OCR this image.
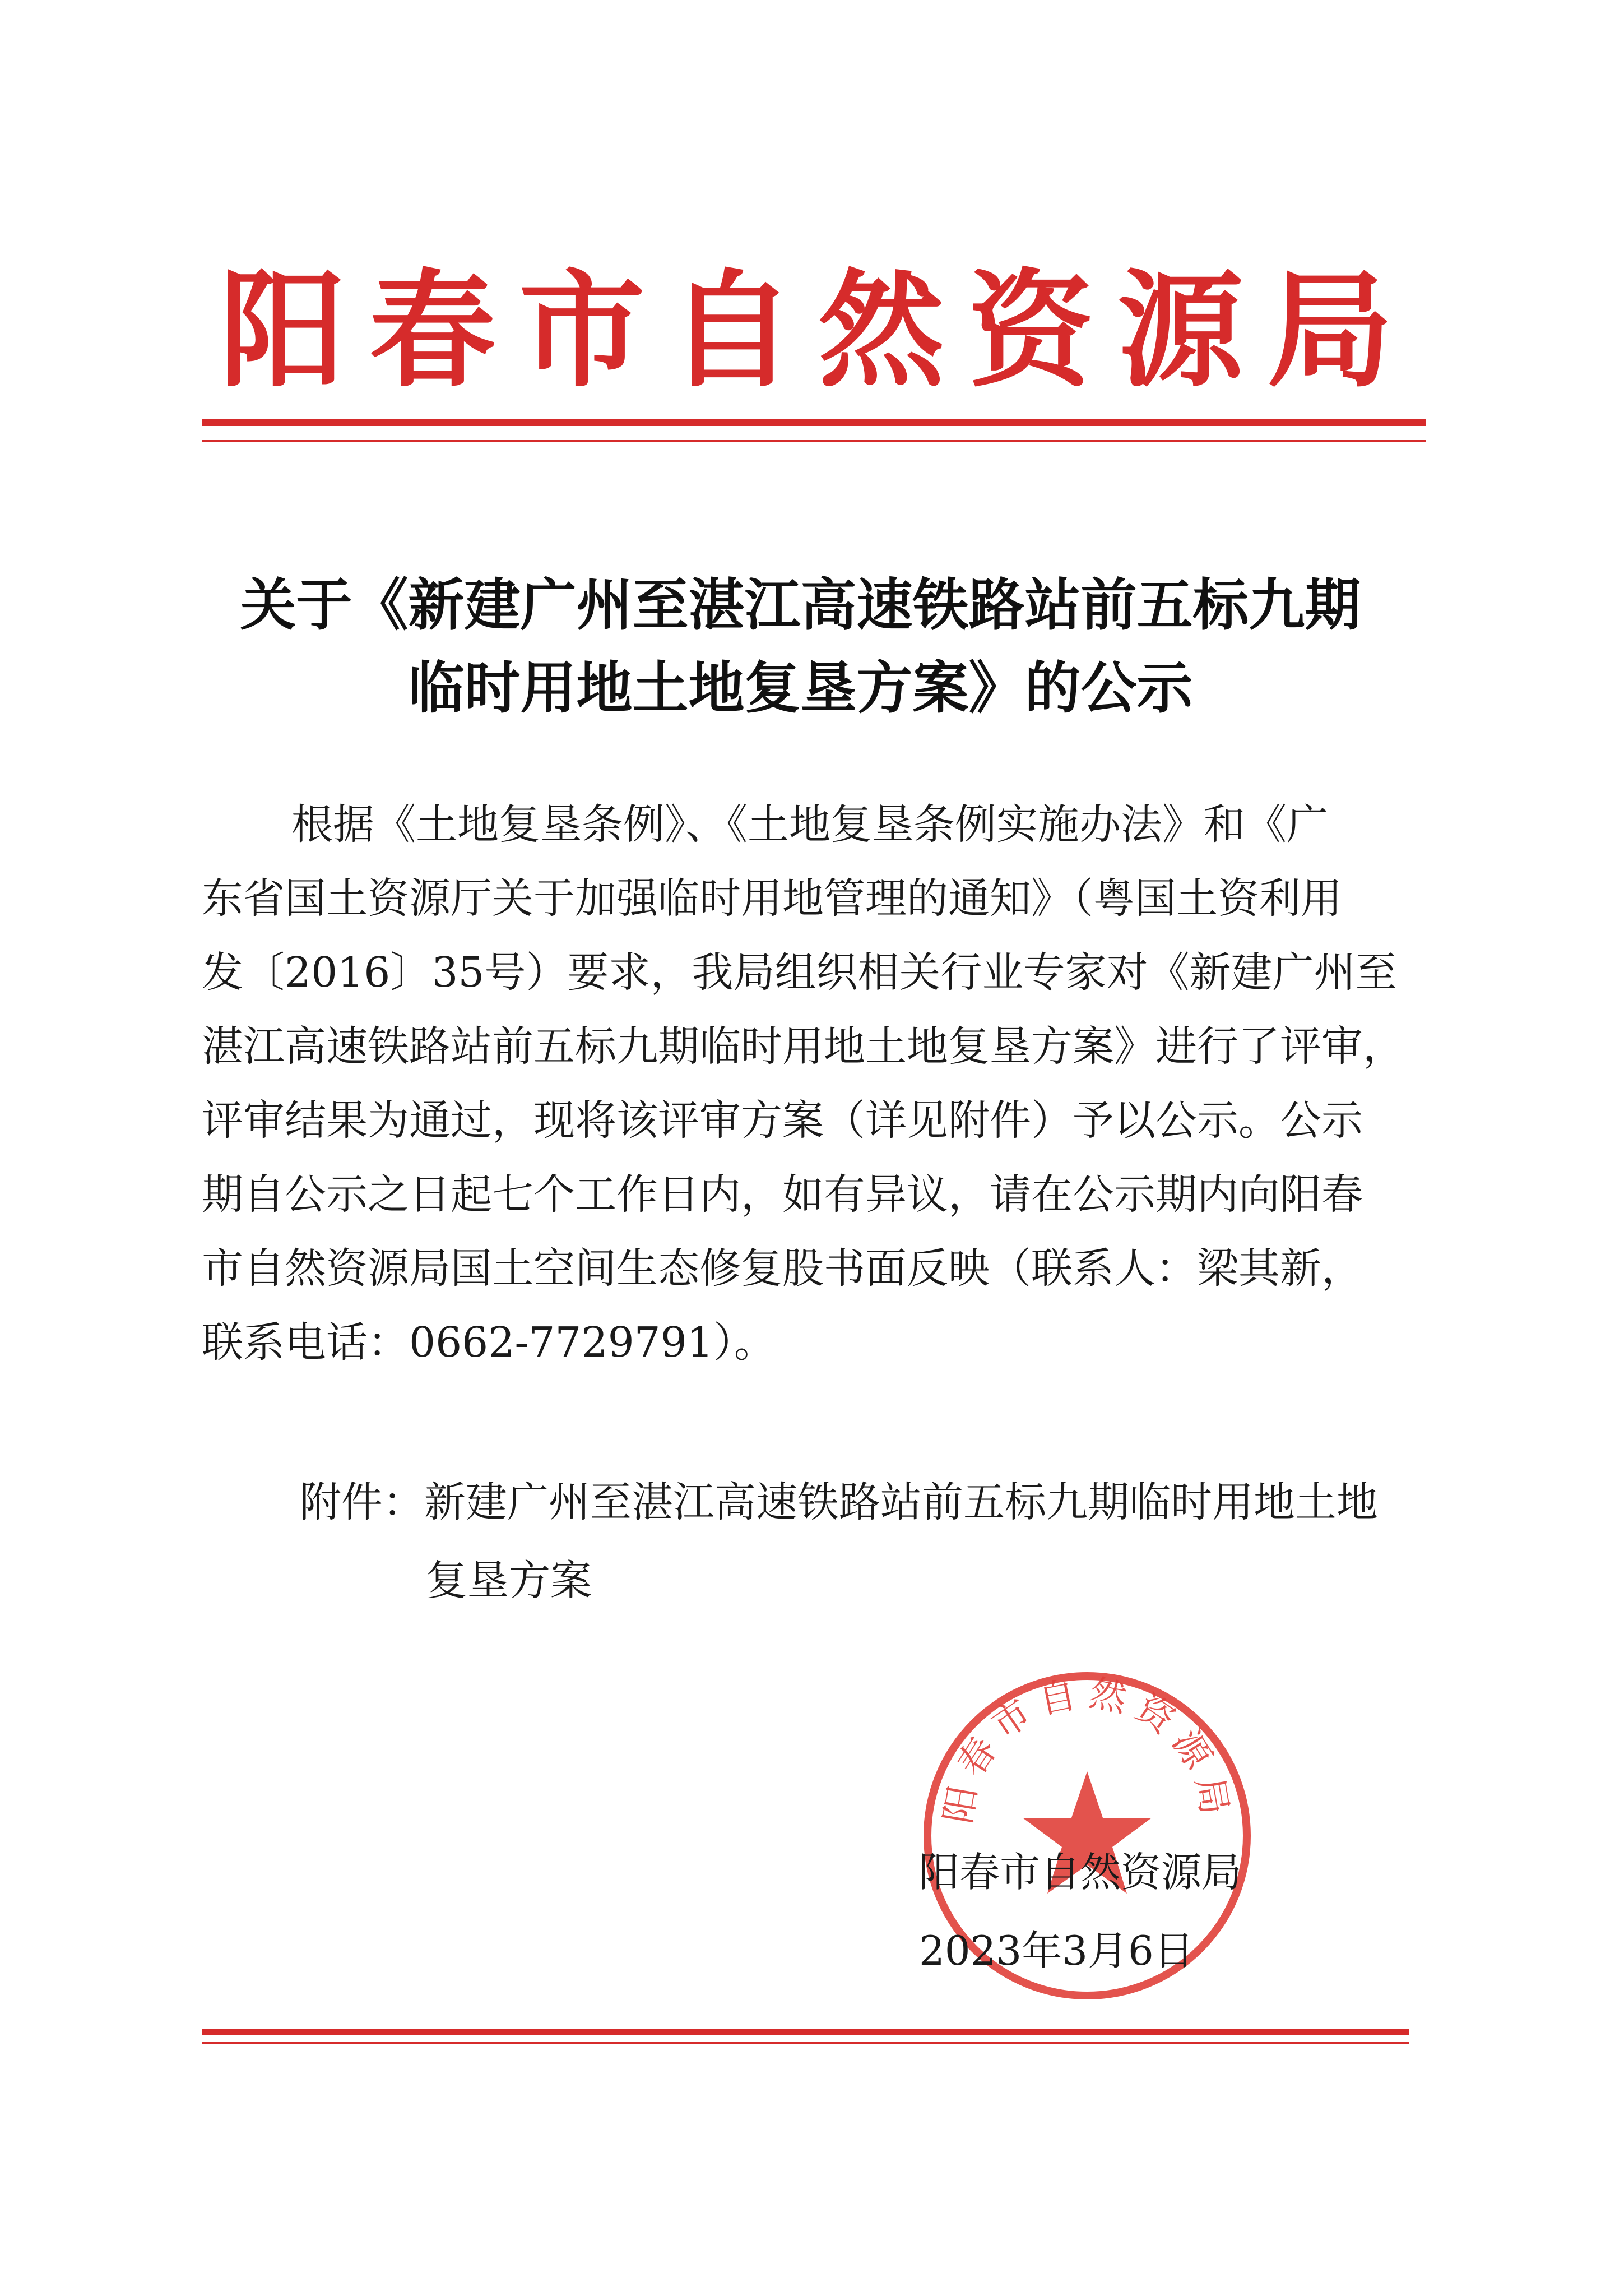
阳春市自然资源局
关于《新建广州至湛江高速铁路站前五标九期
临时用地土地复垦方案》的公示
根据《土地复垦条例》、《土地复垦条例实施办法》和《广
东省国土资源厅关于加强临时用地管理的通知》（粤国土资利用
发〔2016〕35号）要求，我局组织相关行业专家对《新建广州至
湛江高速铁路站前五标九期临时用地土地复垦方案》进行了评审，
评审结果为通过，现将该评审方案（详见附件）予以公示。公示
期自公示之日起七个工作日内，如有异议，请在公示期内向阳春
市自然资源局国土空间生态修复股书面反映（联系人：梁其新，
联系电话：0662-7729791）。
附件：新建广州至湛江高速铁路站前五标九期临时用地土地
复垦方案
阳春市自然资源局
阳春市自然资源局
2023年3月6日
